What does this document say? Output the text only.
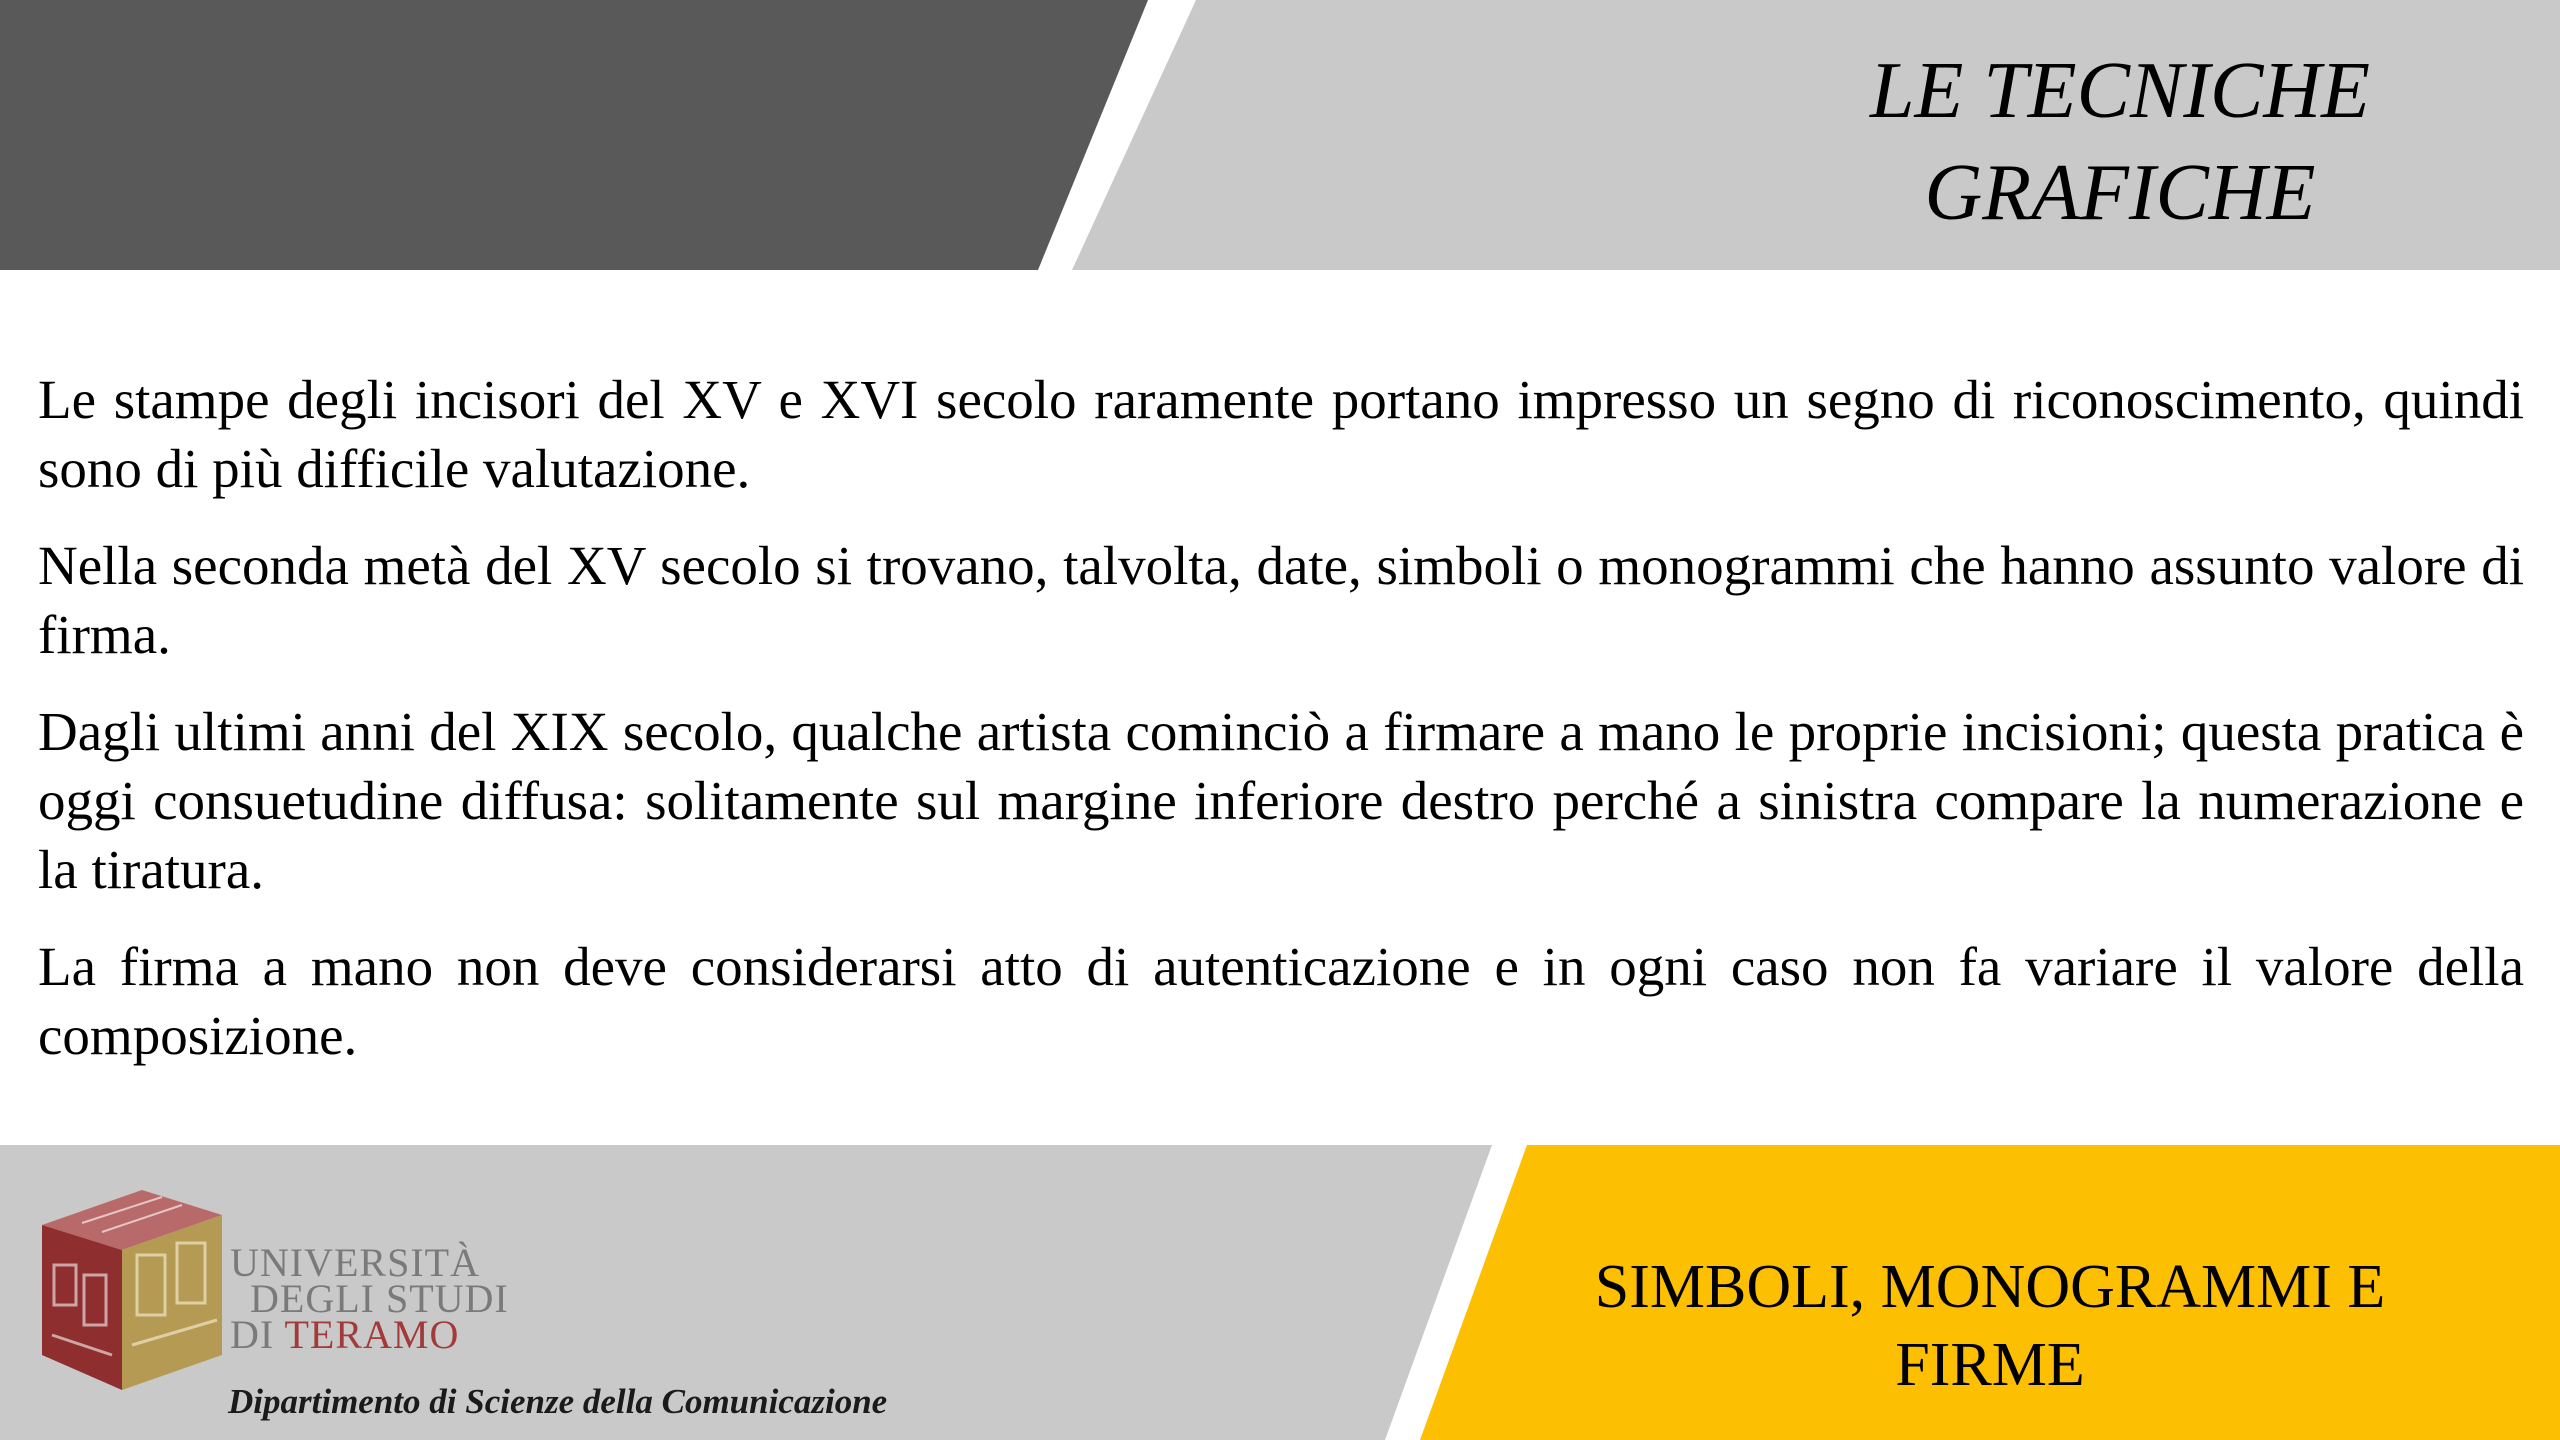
LE TECNICHE
GRAFICHE

Le stampe degli incisori del XV e XVI secolo raramente portano impresso un segno di riconoscimento, quindi sono di più difficile valutazione.

Nella seconda metà del XV secolo si trovano, talvolta, date, simboli o monogrammi che hanno assunto valore di firma.

Dagli ultimi anni del XIX secolo, qualche artista cominciò a firmare a mano le proprie incisioni; questa pratica è oggi consuetudine diffusa: solitamente sul margine inferiore destro perché a sinistra compare la numerazione e la tiratura.

La firma a mano non deve considerarsi atto di autenticazione e in ogni caso non fa variare il valore della composizione.

UNIVERSITÀ
DEGLI STUDI
DI TERAMO
Dipartimento di Scienze della Comunicazione
SIMBOLI, MONOGRAMMI E
FIRME
